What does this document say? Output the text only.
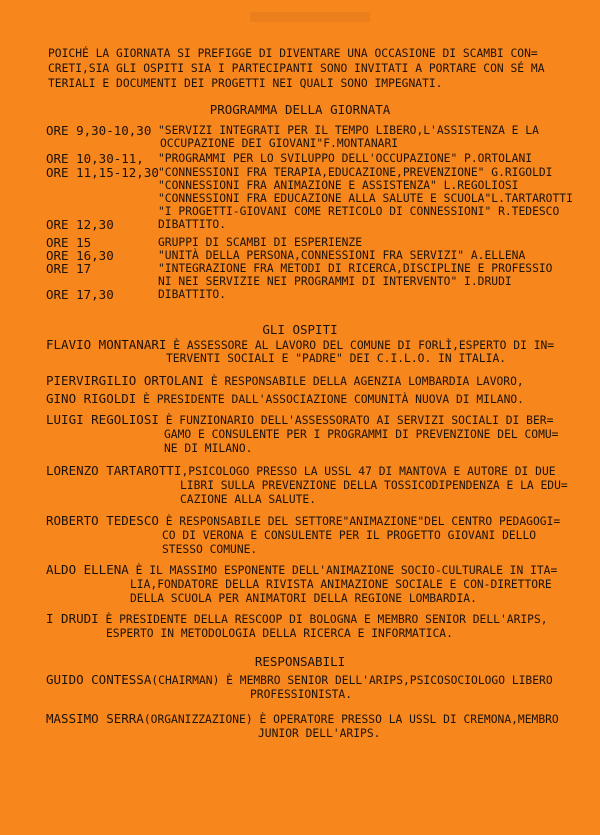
POICHÉ LA GIORNATA SI PREFIGGE DI DIVENTARE UNA OCCASIONE DI SCAMBI CON=
CRETI,SIA GLI OSPITI SIA I PARTECIPANTI SONO INVITATI A PORTARE CON SÉ MA
TERIALI E DOCUMENTI DEI PROGETTI NEI QUALI SONO IMPEGNATI.
PROGRAMMA DELLA GIORNATA
ORE 9,30-10,30 "SERVIZI INTEGRATI PER IL TEMPO LIBERO,L'ASSISTENZA E LA
OCCUPAZIONE DEI GIOVANI"F.MONTANARI
ORE 10,30-11,	"PROGRAMMI PER LO SVILUPPO DELL'OCCUPAZIONE" P.ORTOLANI
ORE 11,15-12,30 "CONNESSIONI FRA TERAPIA,EDUCAZIONE,PREVENZIONE" G.RIGOLDI
"CONNESSIONI FRA ANIMAZIONE E ASSISTENZA" L.REGOLIOSI
"CONNESSIONI FRA EDUCAZIONE ALLA SALUTE E SCUOLA"L.TARTAROTTI
"I PROGETTI-GIOVANI COME RETICOLO DI CONNESSIONI" R.TEDESCO
ORE 12,30	DIBATTITO.
ORE 15	GRUPPI DI SCAMBI DI ESPERIENZE
ORE 16,30	"UNITÀ DELLA PERSONA,CONNESSIONI FRA SERVIZI" A.ELLENA
ORE 17	"INTEGRAZIONE FRA METODI DI RICERCA,DISCIPLINE E PROFESSIO
NI NEI SERVIZIE NEI PROGRAMMI DI INTERVENTO" I.DRUDI
ORE 17,30	DIBATTITO.
GLI OSPITI
FLAVIO MONTANARI È ASSESSORE AL LAVORO DEL COMUNE DI FORLÌ,ESPERTO DI IN=
TERVENTI SOCIALI E "PADRE" DEI C.I.L.O. IN ITALIA.
PIERVIRGILIO ORTOLANI È RESPONSABILE DELLA AGENZIA LOMBARDIA LAVORO,
GINO RIGOLDI È PRESIDENTE DALL'ASSOCIAZIONE COMUNITÀ NUOVA DI MILANO.
LUIGI REGOLIOSI È FUNZIONARIO DELL'ASSESSORATO AI SERVIZI SOCIALI DI BER=
GAMO E CONSULENTE PER I PROGRAMMI DI PREVENZIONE DEL COMU=
NE DI MILANO.
LORENZO TARTAROTTI,PSICOLOGO PRESSO LA USSL 47 DI MANTOVA E AUTORE DI DUE
LIBRI SULLA PREVENZIONE DELLA TOSSICODIPENDENZA E LA EDU=
CAZIONE ALLA SALUTE.
ROBERTO TEDESCO È RESPONSABILE DEL SETTORE"ANIMAZIONE"DEL CENTRO PEDAGOGI=
CO DI VERONA E CONSULENTE PER IL PROGETTO GIOVANI DELLO
STESSO COMUNE.
ALDO ELLENA È IL MASSIMO ESPONENTE DELL'ANIMAZIONE SOCIO-CULTURALE IN ITA=
LIA,FONDATORE DELLA RIVISTA ANIMAZIONE SOCIALE E CON-DIRETTORE
DELLA SCUOLA PER ANIMATORI DELLA REGIONE LOMBARDIA.
I DRUDI È PRESIDENTE DELLA RESCOOP DI BOLOGNA E MEMBRO SENIOR DELL'ARIPS,
ESPERTO IN METODOLOGIA DELLA RICERCA E INFORMATICA.
RESPONSABILI
GUIDO CONTESSA(CHAIRMAN) È MEMBRO SENIOR DELL'ARIPS,PSICOSOCIOLOGO LIBERO
PROFESSIONISTA.
MASSIMO SERRA(ORGANIZZAZIONE) È OPERATORE PRESSO LA USSL DI CREMONA,MEMBRO
JUNIOR DELL'ARIPS.
